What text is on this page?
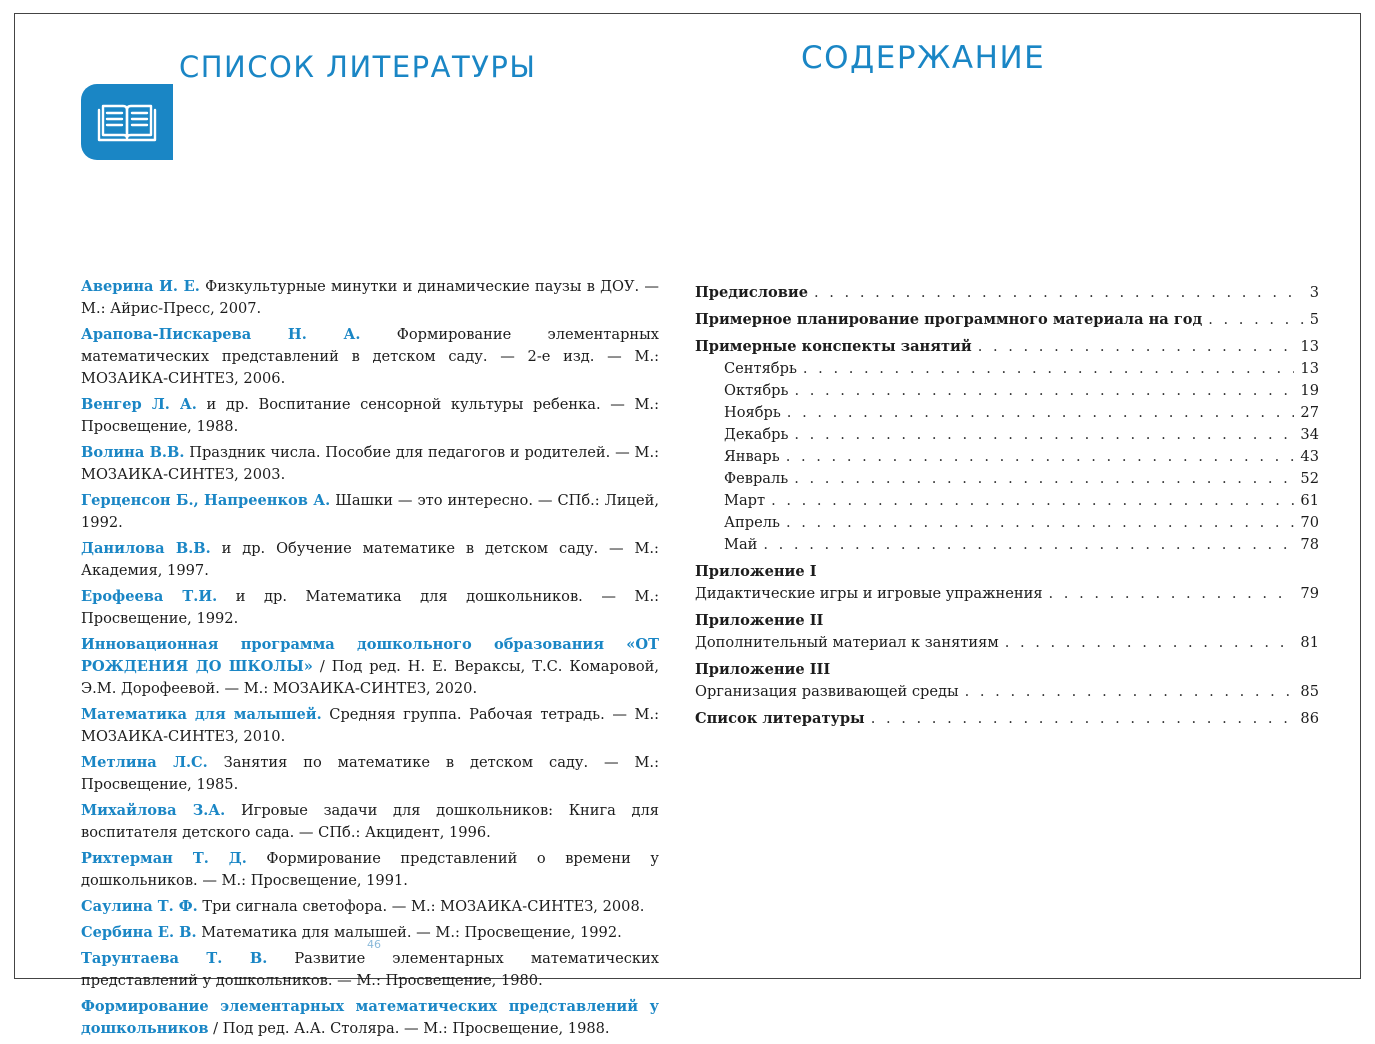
СПИСОК ЛИТЕРАТУРЫ
Аверина И. Е. Физкультурные минутки и динамические паузы в ДОУ. — М.: Айрис-Пресс, 2007.
Арапова-Пискарева Н. А. Формирование элементарных математических представлений в детском саду. — 2-е изд. — М.: МОЗАИКА-СИНТЕЗ, 2006.
Венгер Л. А. и др. Воспитание сенсорной культуры ребенка. — М.: Просвещение, 1988.
Волина В.В. Праздник числа. Пособие для педагогов и родителей. — М.: МОЗАИКА-СИНТЕЗ, 2003.
Герценсон Б., Напреенков А. Шашки — это интересно. — СПб.: Лицей, 1992.
Данилова В.В. и др. Обучение математике в детском саду. — М.: Академия, 1997.
Ерофеева Т.И. и др. Математика для дошкольников. — М.: Просвещение, 1992.
Инновационная программа дошкольного образования «ОТ РОЖДЕНИЯ ДО ШКОЛЫ» / Под ред. Н. Е. Вераксы, Т.С. Комаровой, Э.М. Дорофеевой. — М.: МОЗАИКА-СИНТЕЗ, 2020.
Математика для малышей. Средняя группа. Рабочая тетрадь. — М.: МОЗАИКА-СИНТЕЗ, 2010.
Метлина Л.С. Занятия по математике в детском саду. — М.: Просвещение, 1985.
Михайлова З.А. Игровые задачи для дошкольников: Книга для воспитателя детского сада. — СПб.: Акцидент, 1996.
Рихтерман Т. Д. Формирование представлений о времени у дошкольников. — М.: Просвещение, 1991.
Саулина Т. Ф. Три сигнала светофора. — М.: МОЗАИКА-СИНТЕЗ, 2008.
Сербина Е. В. Математика для малышей. — М.: Просвещение, 1992.
Тарунтаева Т. В. Развитие элементарных математических представлений у дошкольников. — М.: Просвещение, 1980.
Формирование элементарных математических представлений у дошкольников / Под ред. А.А. Столяра. — М.: Просвещение, 1988.
46
СОДЕРЖАНИЕ
Предисловие . . .	3
Примерное планирование программного материала на год . . .	5
Примерные конспекты занятий . . .	13
Сентябрь . . .	13
Октябрь . . .	19
Ноябрь . . .	27
Декабрь . . .	34
Январь . . .	43
Февраль . . .	52
Март . . .	61
Апрель . . .	70
Май . . .	78
Приложение I
Дидактические игры и игровые упражнения . . .	79
Приложение II
Дополнительный материал к занятиям . . .	81
Приложение III
Организация развивающей среды . . .	85
Список литературы . . .	86
